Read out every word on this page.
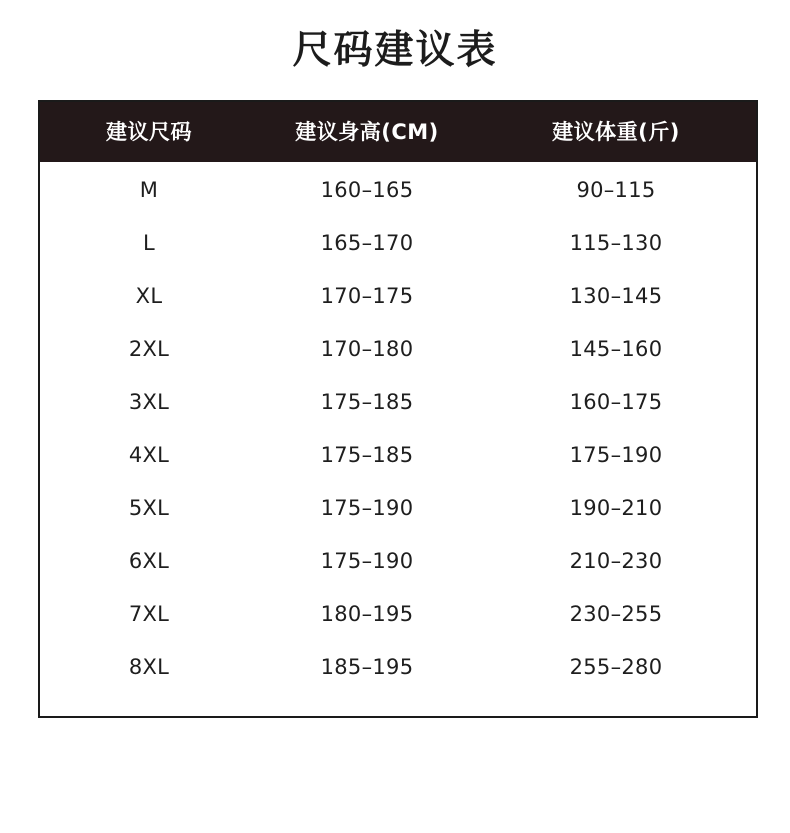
尺码建议表
建议尺码	建议身高(CM)	建议体重(斤)
M	160–165	90–115
L	165–170	115–130
XL	170–175	130–145
2XL	170–180	145–160
3XL	175–185	160–175
4XL	175–185	175–190
5XL	175–190	190–210
6XL	175–190	210–230
7XL	180–195	230–255
8XL	185–195	255–280
